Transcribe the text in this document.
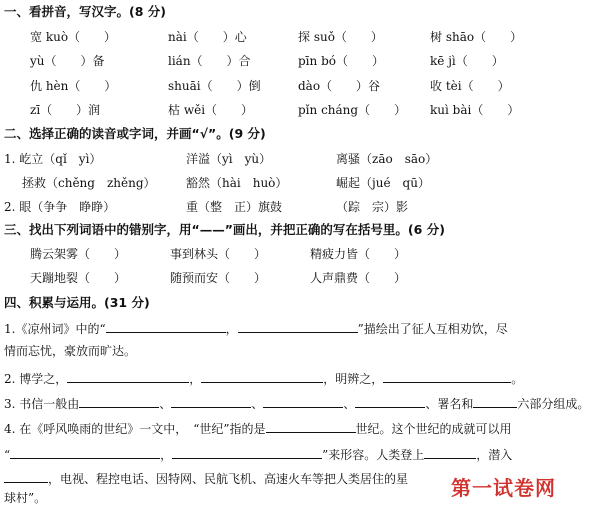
一、看拼音，写汉字。(8 分)
宽 kuò（　　）	nài（　　）心	探 suǒ（　　）	树 shāo（　　）
yù（　　）备	lián（　　）合	pīn bó（　　）	kē jì（　　）
仇 hèn（　　）	shuāi（　　）倒	dào（　　）谷	收 tèi（　　）
zī（　　）润	枯 wěi（　　）	pǐn cháng（　　） kuì bài（　　）
二、选择正确的读音或字词，并画“√”。(9 分)
1. 屹立（qǐ　yì）	洋溢（yì　yù）	离骚（zāo　sāo）
拯救（chěng　zhěng）	豁然（hài　huò）	崛起（jué　qū）
2. 眼（争争　睁睁）	重（整　正）旗鼓	（踪　宗）影
三、找出下列词语中的错别字，用“——”画出，并把正确的写在括号里。(6 分)
腾云架雾（　　）	事到林头（　　）	精疲力皆（　　）
天蹦地裂（　　）	随预而安（　　）	人声鼎费（　　）
四、积累与运用。(31 分)
1.《凉州词》中的“	，	”描绘出了征人互相劝饮，尽
情而忘忧，豪放而旷达。
2. 博学之，	，	，明辨之，	。
3. 书信一般由	、	、	、	、署名和	六部分组成。
4. 在《呼风唤雨的世纪》一文中，　“世纪”指的是	世纪。这个世纪的成就可以用
“	，	”来形容。人类登上	，潜入
，电视、程控电话、因特网、民航飞机、高速火车等把人类居住的星
球村”。	第一试卷网
